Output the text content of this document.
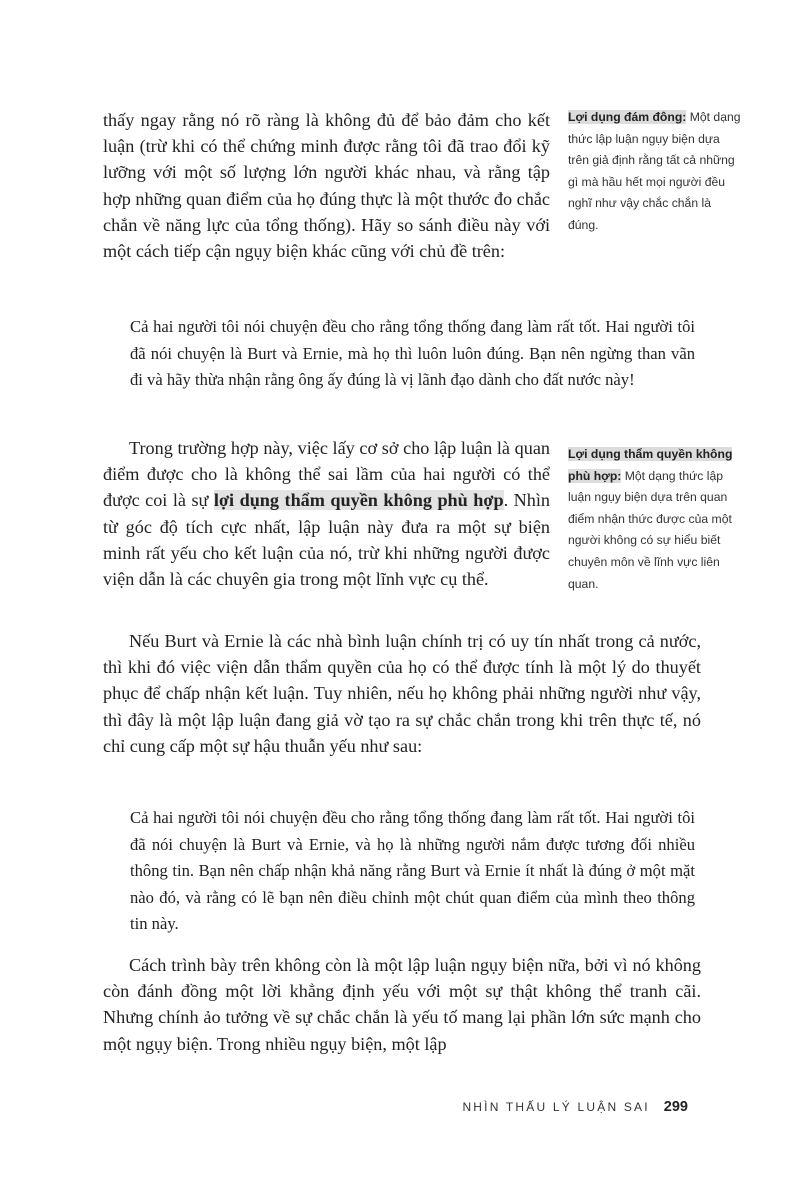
thấy ngay rằng nó rõ ràng là không đủ để bảo đảm cho kết luận (trừ khi có thể chứng minh được rằng tôi đã trao đổi kỹ lưỡng với một số lượng lớn người khác nhau, và rằng tập hợp những quan điểm của họ đúng thực là một thước đo chắc chắn về năng lực của tổng thống). Hãy so sánh điều này với một cách tiếp cận ngụy biện khác cũng với chủ đề trên:

Lợi dụng đám đông: Một dạng thức lập luận ngụy biện dựa trên giả định rằng tất cả những gì mà hầu hết mọi người đều nghĩ như vậy chắc chắn là đúng.

Cả hai người tôi nói chuyện đều cho rằng tổng thống đang làm rất tốt. Hai người tôi đã nói chuyện là Burt và Ernie, mà họ thì luôn luôn đúng. Bạn nên ngừng than vãn đi và hãy thừa nhận rằng ông ấy đúng là vị lãnh đạo dành cho đất nước này!

Trong trường hợp này, việc lấy cơ sở cho lập luận là quan điểm được cho là không thể sai lầm của hai người có thể được coi là sự lợi dụng thẩm quyền không phù hợp. Nhìn từ góc độ tích cực nhất, lập luận này đưa ra một sự biện minh rất yếu cho kết luận của nó, trừ khi những người được viện dẫn là các chuyên gia trong một lĩnh vực cụ thể.

Lợi dụng thẩm quyền không phù hợp: Một dạng thức lập luận ngụy biện dựa trên quan điểm nhận thức được của một người không có sự hiểu biết chuyên môn về lĩnh vực liên quan.

Nếu Burt và Ernie là các nhà bình luận chính trị có uy tín nhất trong cả nước, thì khi đó việc viện dẫn thẩm quyền của họ có thể được tính là một lý do thuyết phục để chấp nhận kết luận. Tuy nhiên, nếu họ không phải những người như vậy, thì đây là một lập luận đang giả vờ tạo ra sự chắc chắn trong khi trên thực tế, nó chỉ cung cấp một sự hậu thuẫn yếu như sau:

Cả hai người tôi nói chuyện đều cho rằng tổng thống đang làm rất tốt. Hai người tôi đã nói chuyện là Burt và Ernie, và họ là những người nắm được tương đối nhiều thông tin. Bạn nên chấp nhận khả năng rằng Burt và Ernie ít nhất là đúng ở một mặt nào đó, và rằng có lẽ bạn nên điều chỉnh một chút quan điểm của mình theo thông tin này.

Cách trình bày trên không còn là một lập luận ngụy biện nữa, bởi vì nó không còn đánh đồng một lời khẳng định yếu với một sự thật không thể tranh cãi. Nhưng chính ảo tưởng về sự chắc chắn là yếu tố mang lại phần lớn sức mạnh cho một ngụy biện. Trong nhiều ngụy biện, một lập

NHÌN THẤU LÝ LUẬN SAI 299
